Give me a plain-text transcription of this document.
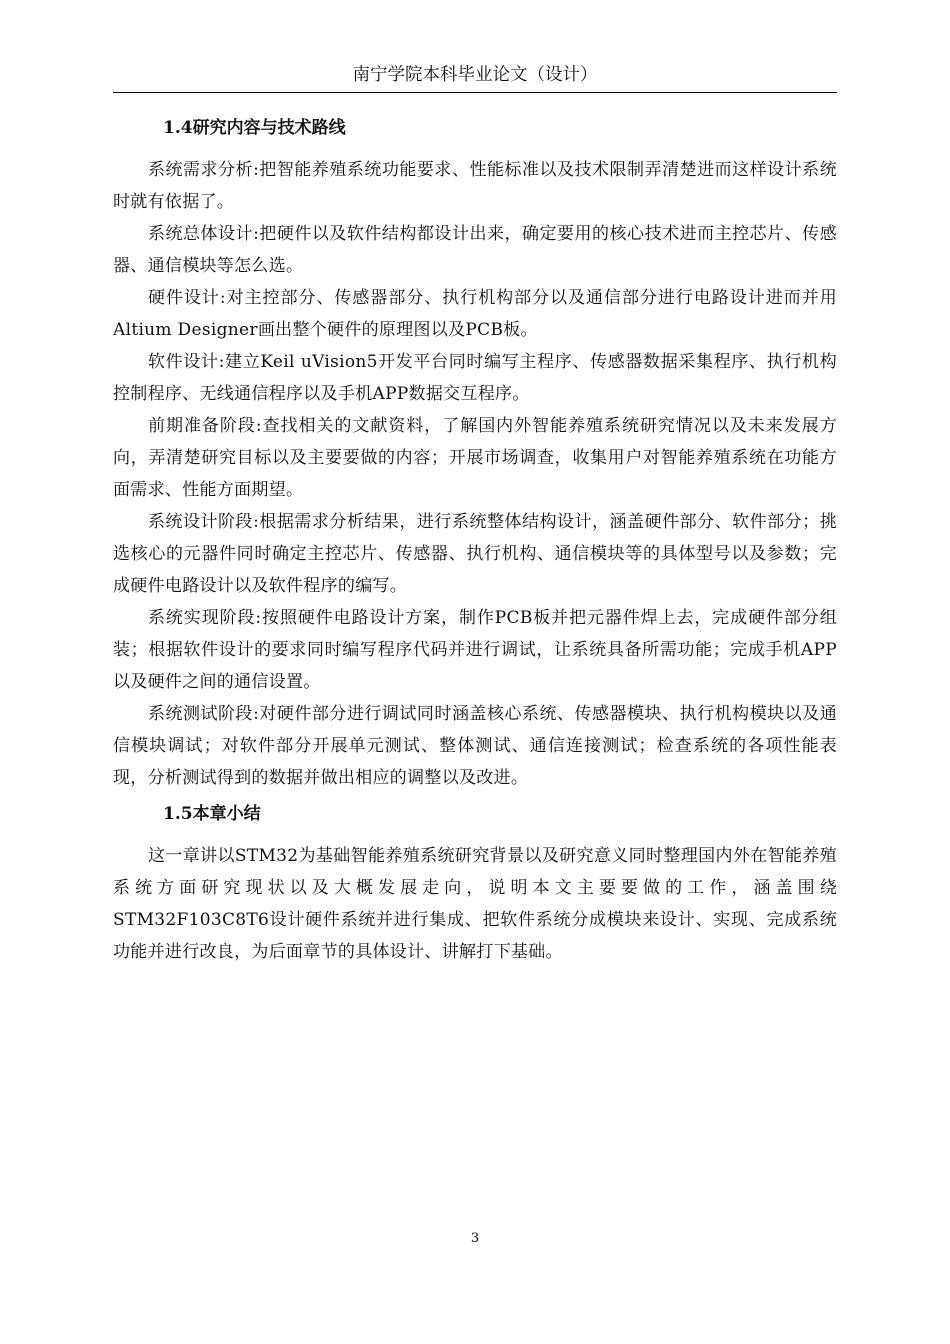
南宁学院本科毕业论文（设计）
1.4研究内容与技术路线

系统需求分析:把智能养殖系统功能要求、性能标准以及技术限制弄清楚进而这样设计系统时就有依据了。

系统总体设计:把硬件以及软件结构都设计出来，确定要用的核心技术进而主控芯片、传感器、通信模块等怎么选。

硬件设计:对主控部分、传感器部分、执行机构部分以及通信部分进行电路设计进而并用Altium Designer画出整个硬件的原理图以及PCB板。

软件设计:建立Keil uVision5开发平台同时编写主程序、传感器数据采集程序、执行机构控制程序、无线通信程序以及手机APP数据交互程序。

前期准备阶段:查找相关的文献资料，了解国内外智能养殖系统研究情况以及未来发展方向，弄清楚研究目标以及主要要做的内容；开展市场调查，收集用户对智能养殖系统在功能方面需求、性能方面期望。

系统设计阶段:根据需求分析结果，进行系统整体结构设计，涵盖硬件部分、软件部分；挑选核心的元器件同时确定主控芯片、传感器、执行机构、通信模块等的具体型号以及参数；完成硬件电路设计以及软件程序的编写。

系统实现阶段:按照硬件电路设计方案，制作PCB板并把元器件焊上去，完成硬件部分组装；根据软件设计的要求同时编写程序代码并进行调试，让系统具备所需功能；完成手机APP以及硬件之间的通信设置。

系统测试阶段:对硬件部分进行调试同时涵盖核心系统、传感器模块、执行机构模块以及通信模块调试；对软件部分开展单元测试、整体测试、通信连接测试；检查系统的各项性能表现，分析测试得到的数据并做出相应的调整以及改进。

1.5本章小结

这一章讲以STM32为基础智能养殖系统研究背景以及研究意义同时整理国内外在智能养殖系统方面研究现状以及大概发展走向，说明本文主要要做的工作，涵盖围绕STM32F103C8T6设计硬件系统并进行集成、把软件系统分成模块来设计、实现、完成系统功能并进行改良，为后面章节的具体设计、讲解打下基础。

3
